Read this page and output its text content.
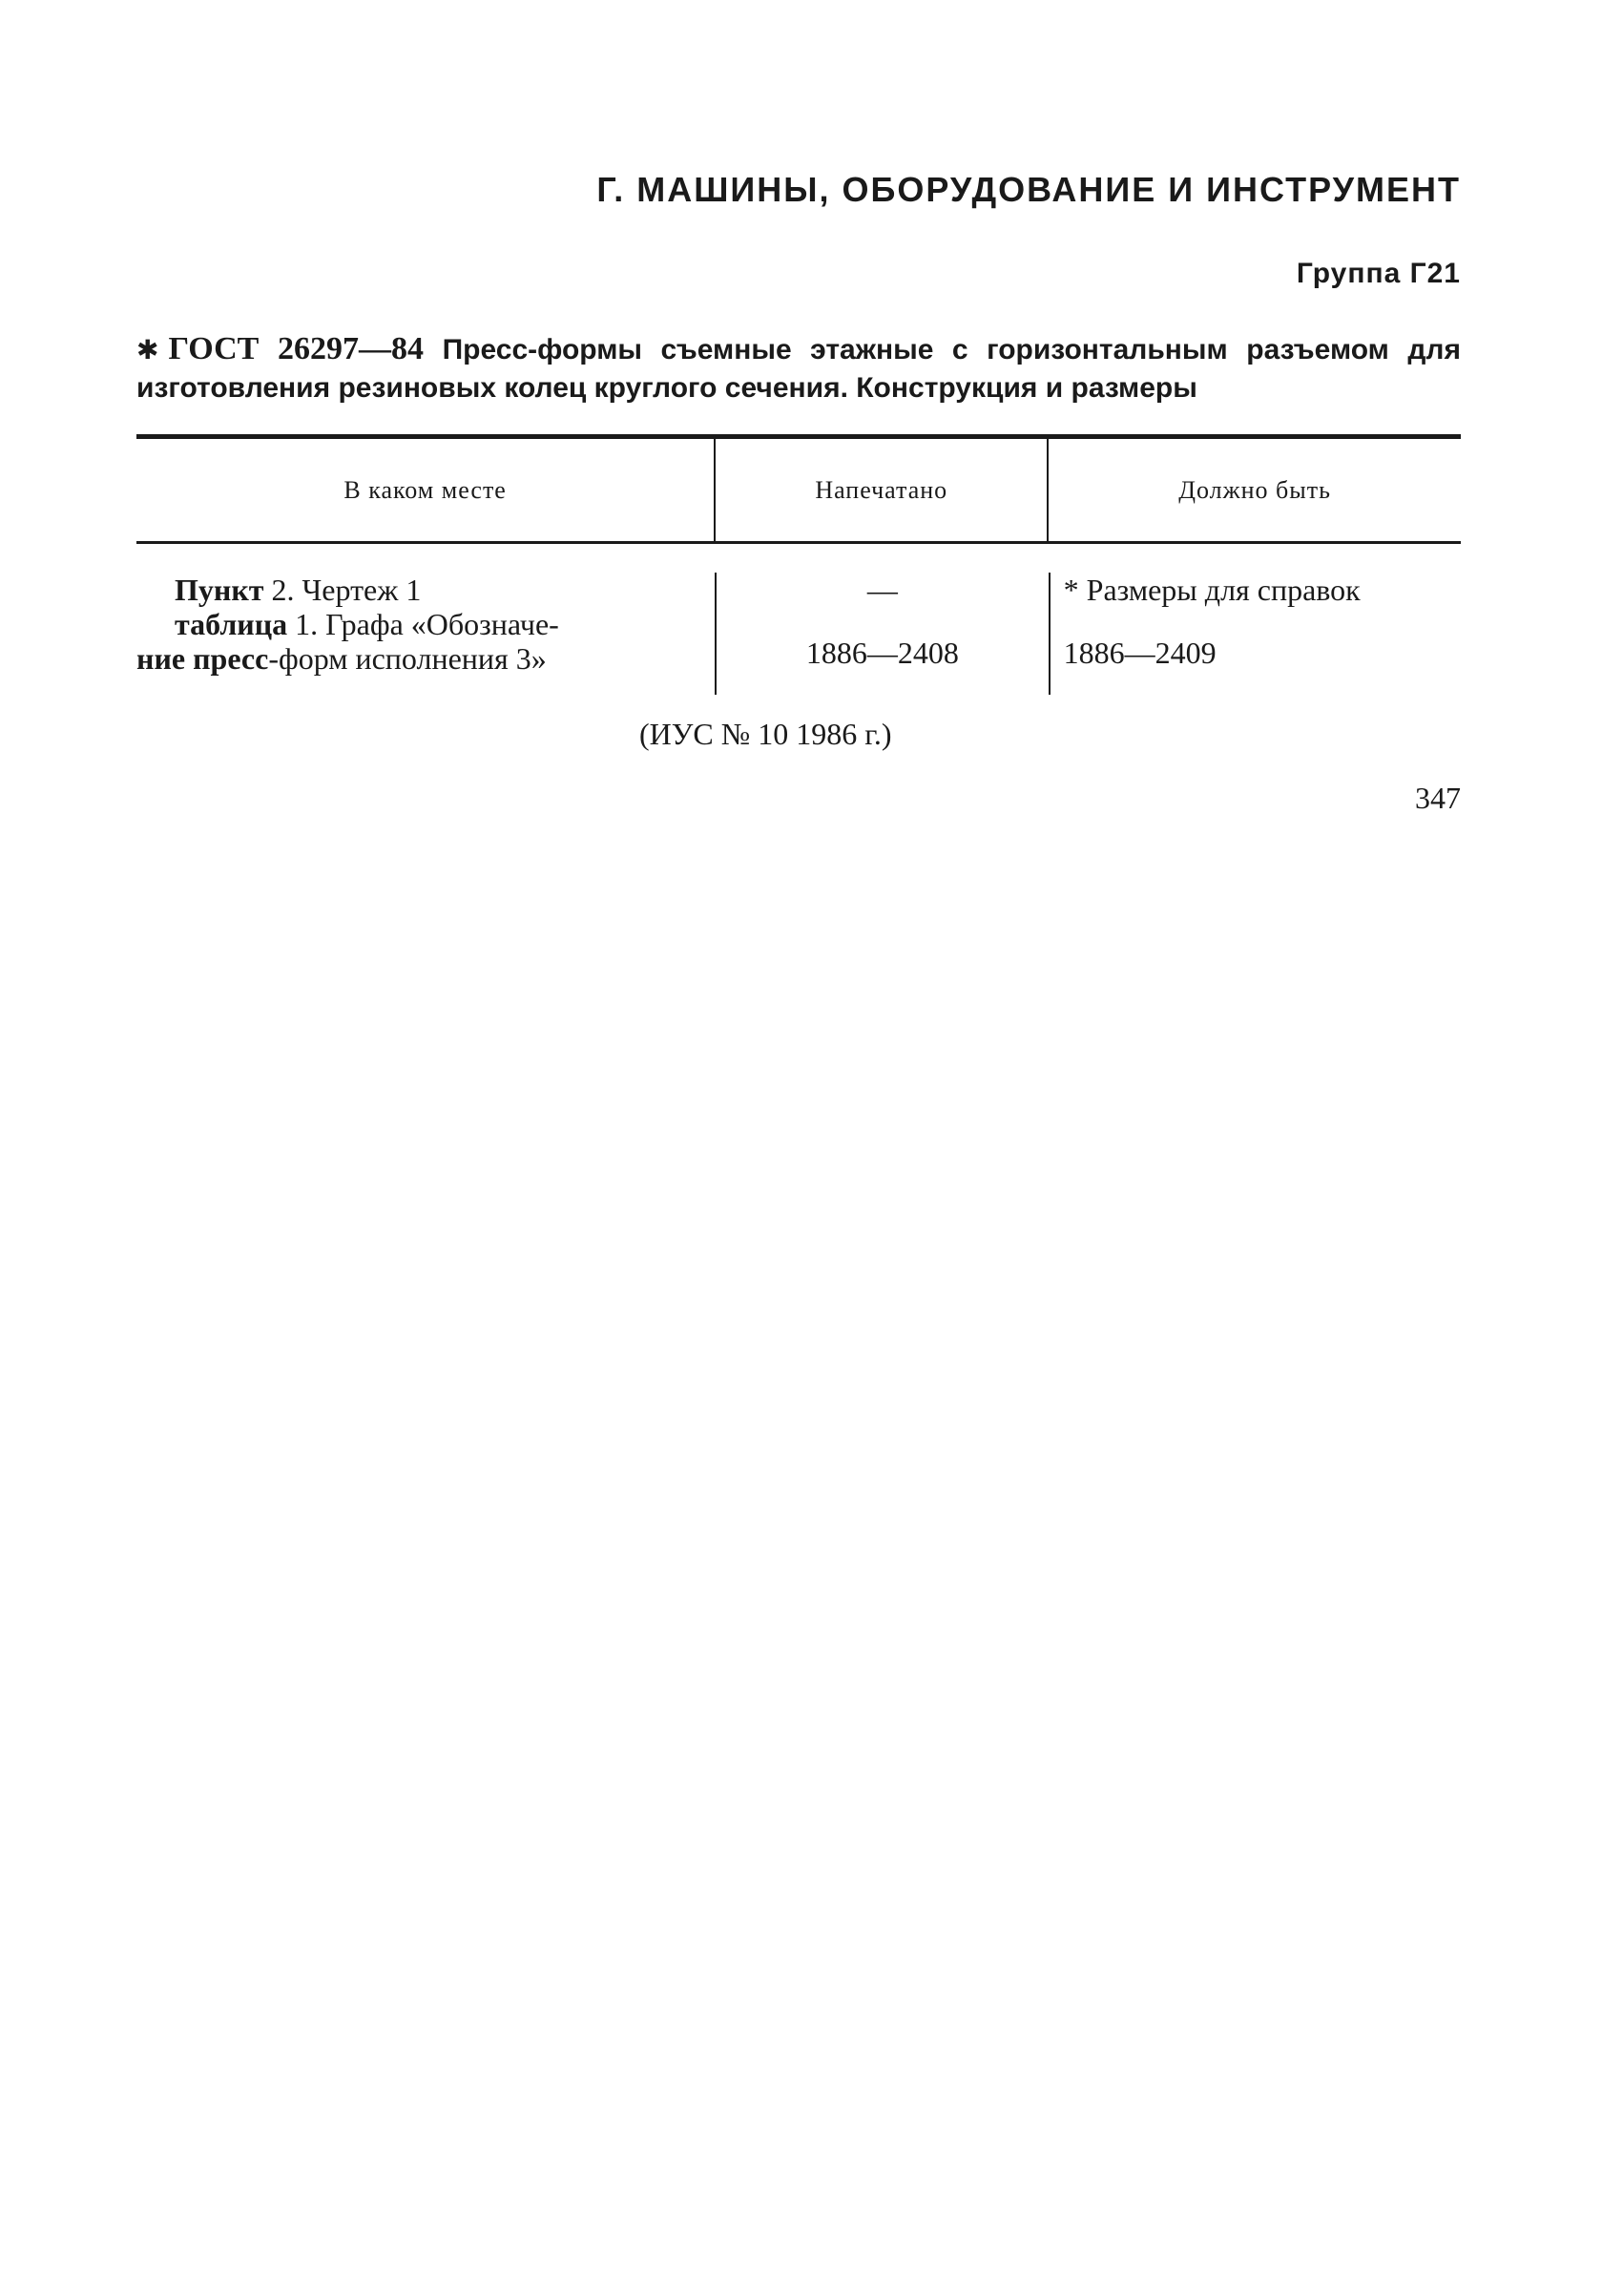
Г. МАШИНЫ, ОБОРУДОВАНИЕ И ИНСТРУМЕНТ
Группа Г21
✱ ГОСТ 26297—84 Пресс-формы съемные этажные с горизонтальным разъемом для изготовления резиновых колец круглого сечения. Конструкция и размеры
В каком месте	Напечатано	Должно быть
Пункт 2. Чертеж 1
таблица 1. Графа «Обозначе-
ние пресс-форм исполнения 3»
—
1886—2408
* Размеры для справок
1886—2409
(ИУС № 10 1986 г.)
347
